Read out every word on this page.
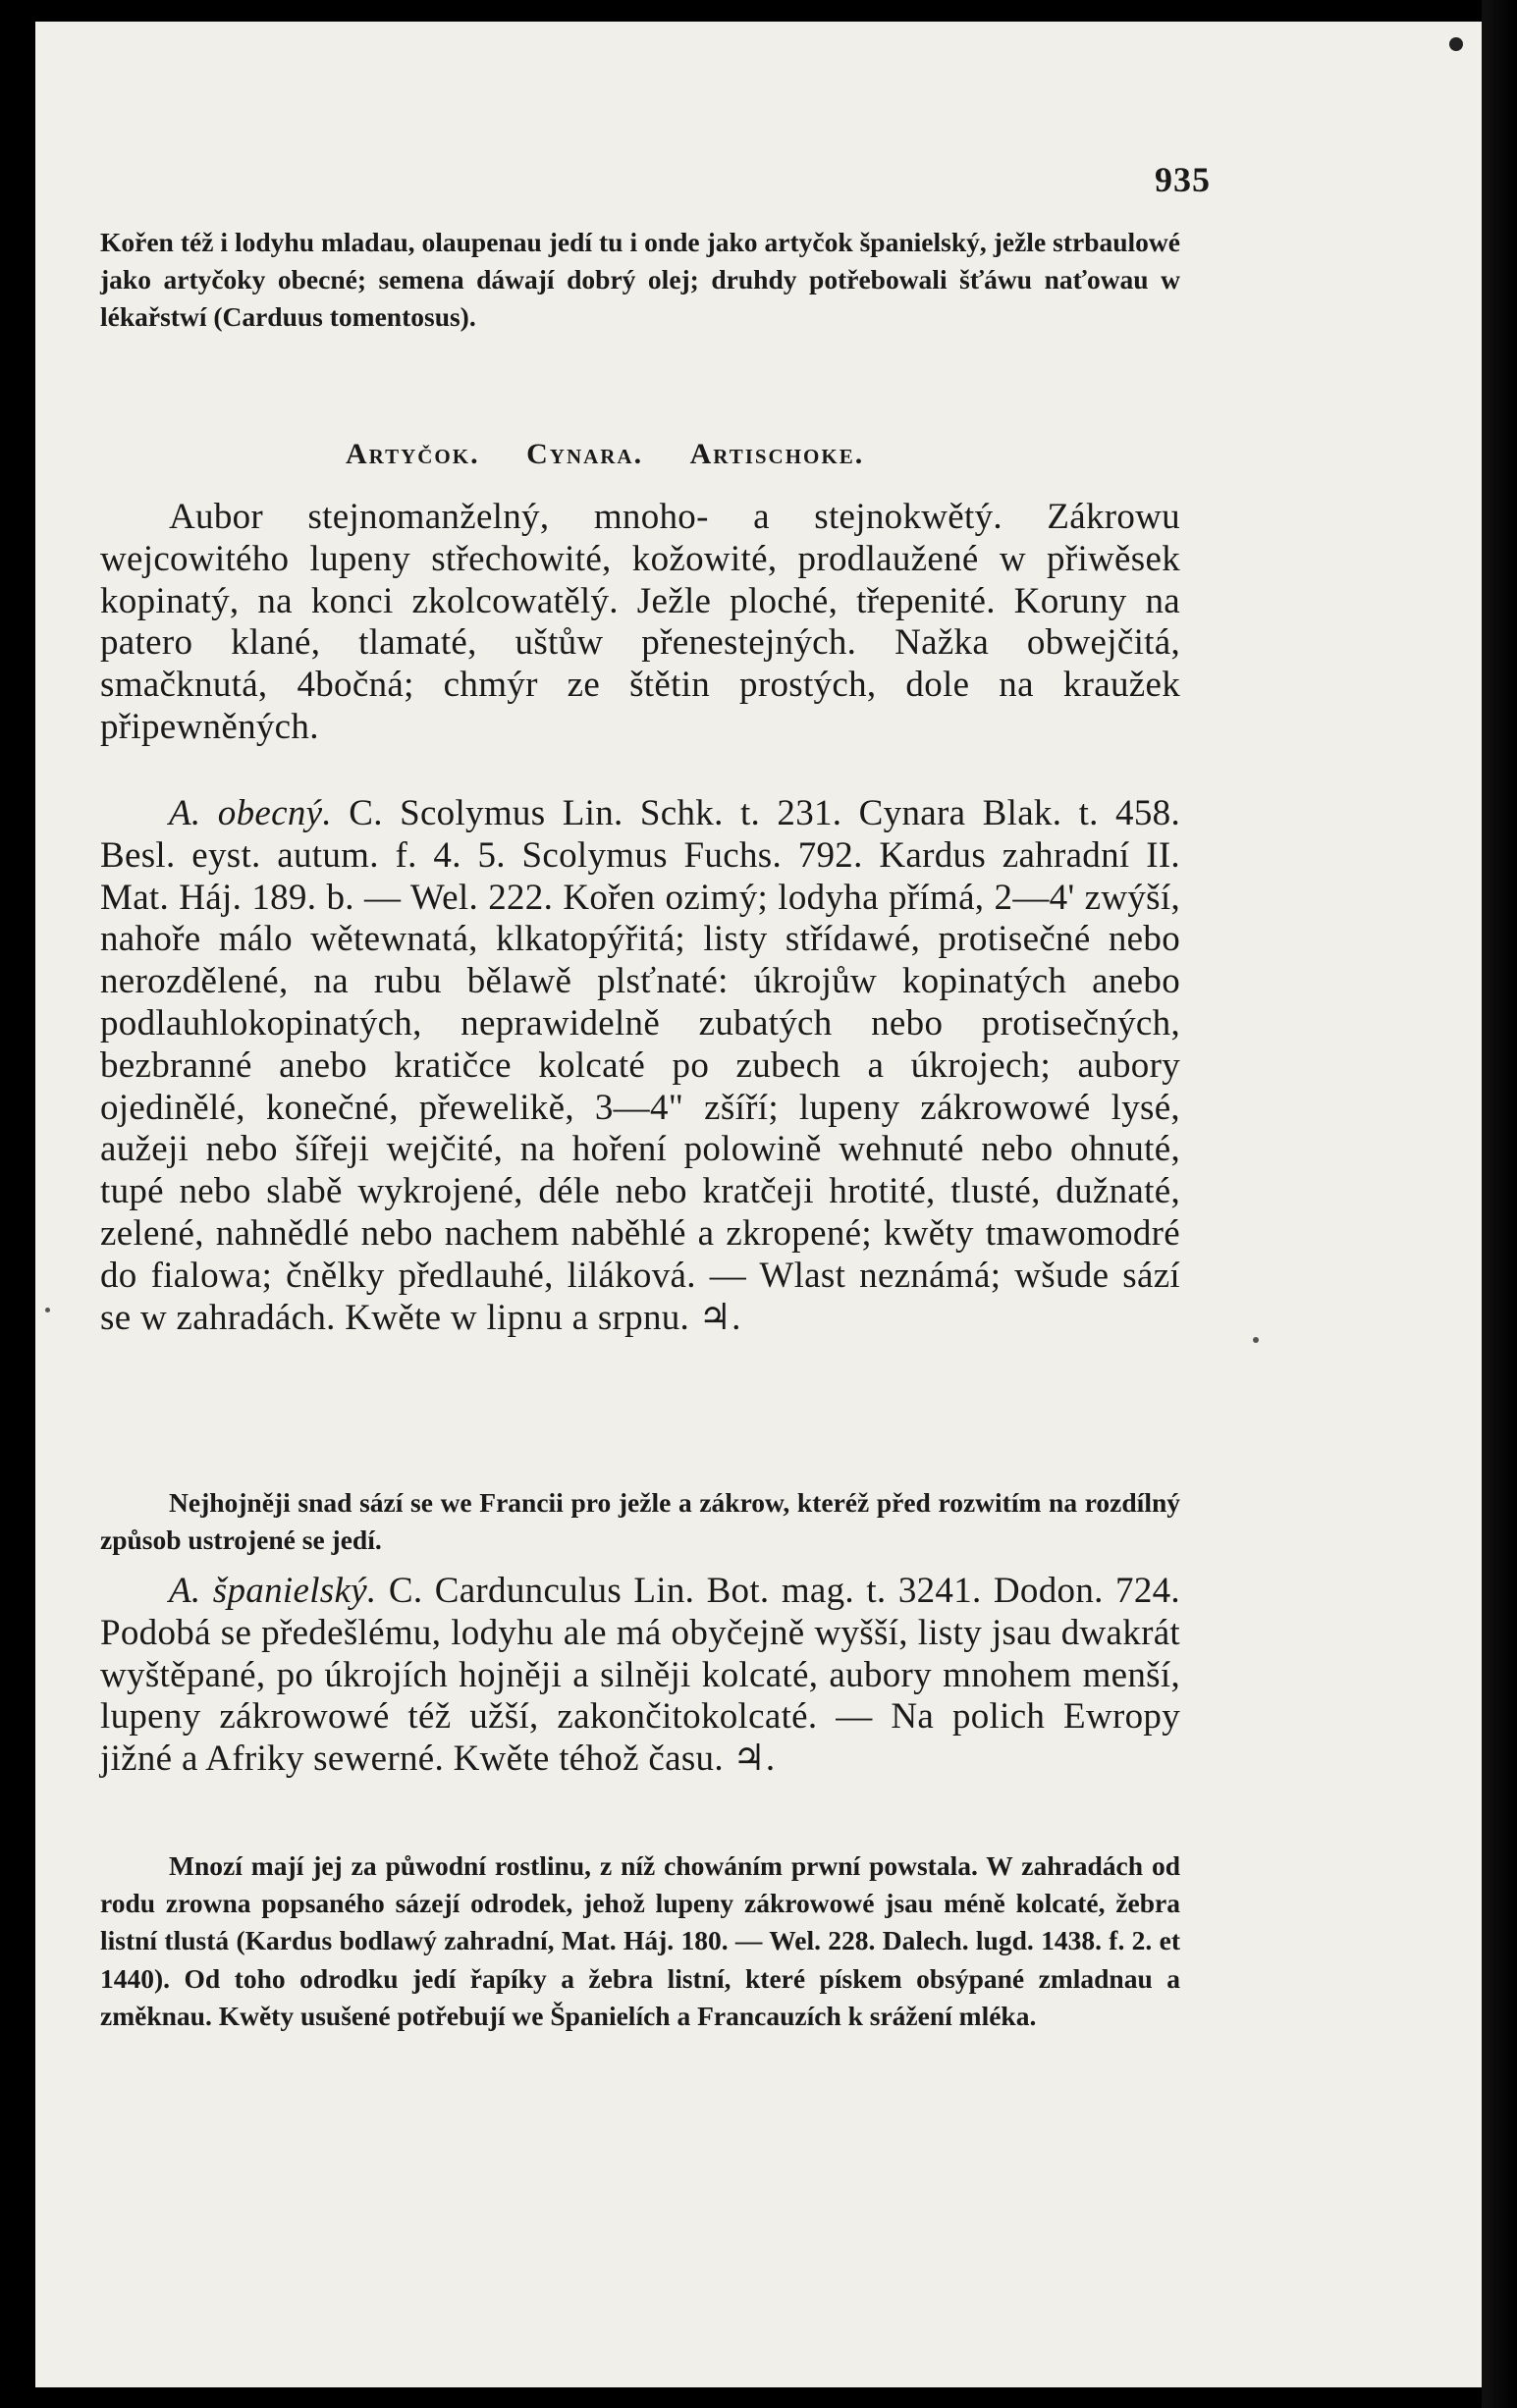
935
Kořen též i lodyhu mladau, olaupenau jedí tu i onde jako artyčok španielský, ježle strbaulowé jako artyčoky obecné; semena dáwají dobrý olej; druhdy potřebowali šťáwu naťowau w lékařstwí (Carduus tomentosus).
Artyčok. Cynara. Artischoke.
Aubor stejnomanželný, mnoho- a stejnokwětý. Zákrowu wejcowitého lupeny střechowité, kožowité, prodlaužené w přiwěsek kopinatý, na konci zkolcowatělý. Ježle ploché, třepenité. Koruny na patero klané, tlamaté, uštůw přenestejných. Nažka obwejčitá, smačknutá, 4bočná; chmýr ze štětin prostých, dole na kraužek připewněných.
A. obecný. C. Scolymus Lin. Schk. t. 231. Cynara Blak. t. 458. Besl. eyst. autum. f. 4. 5. Scolymus Fuchs. 792. Kardus zahradní II. Mat. Háj. 189. b. — Wel. 222. Kořen ozimý; lodyha přímá, 2—4' zwýší, nahoře málo wětewnatá, klkatopýřitá; listy střídawé, protisečné nebo nerozdělené, na rubu bělawě plsťnaté: úkrojůw kopinatých anebo podlauhlokopinatých, neprawidelně zubatých nebo protisečných, bezbranné anebo kratičce kolcaté po zubech a úkrojech; aubory ojedinělé, konečné, přewelikě, 3—4" zšíří; lupeny zákrowowé lysé, aužeji nebo šířeji wejčité, na hoření polowině wehnuté nebo ohnuté, tupé nebo slabě wykrojené, déle nebo kratčeji hrotité, tlusté, dužnaté, zelené, nahnědlé nebo nachem naběhlé a zkropené; kwěty tmawomodré do fialowa; čnělky předlauhé, liláková. — Wlast neznámá; wšude sází se w zahradách. Kwěte w lipnu a srpnu. ♃.
Nejhojněji snad sází se we Francii pro ježle a zákrow, kteréž před rozwitím na rozdílný způsob ustrojené se jedí.
A. španielský. C. Cardunculus Lin. Bot. mag. t. 3241. Dodon. 724. Podobá se předešlému, lodyhu ale má obyčejně wyšší, listy jsau dwakrát wyštěpané, po úkrojích hojněji a silněji kolcaté, aubory mnohem menší, lupeny zákrowowé též užší, zakončitokolcaté. — Na polich Ewropy jižné a Afriky sewerné. Kwěte téhož času. ♃.
Mnozí mají jej za půwodní rostlinu, z níž chowáním prwní powstala. W zahradách od rodu zrowna popsaného sázejí odrodek, jehož lupeny zákrowowé jsau méně kolcaté, žebra listní tlustá (Kardus bodlawý zahradní, Mat. Háj. 180. — Wel. 228. Dalech. lugd. 1438. f. 2. et 1440). Od toho odrodku jedí řapíky a žebra listní, které pískem obsýpané zmladnau a změknau. Kwěty usušené potřebují we Španielích a Francauzích k srážení mléka.
